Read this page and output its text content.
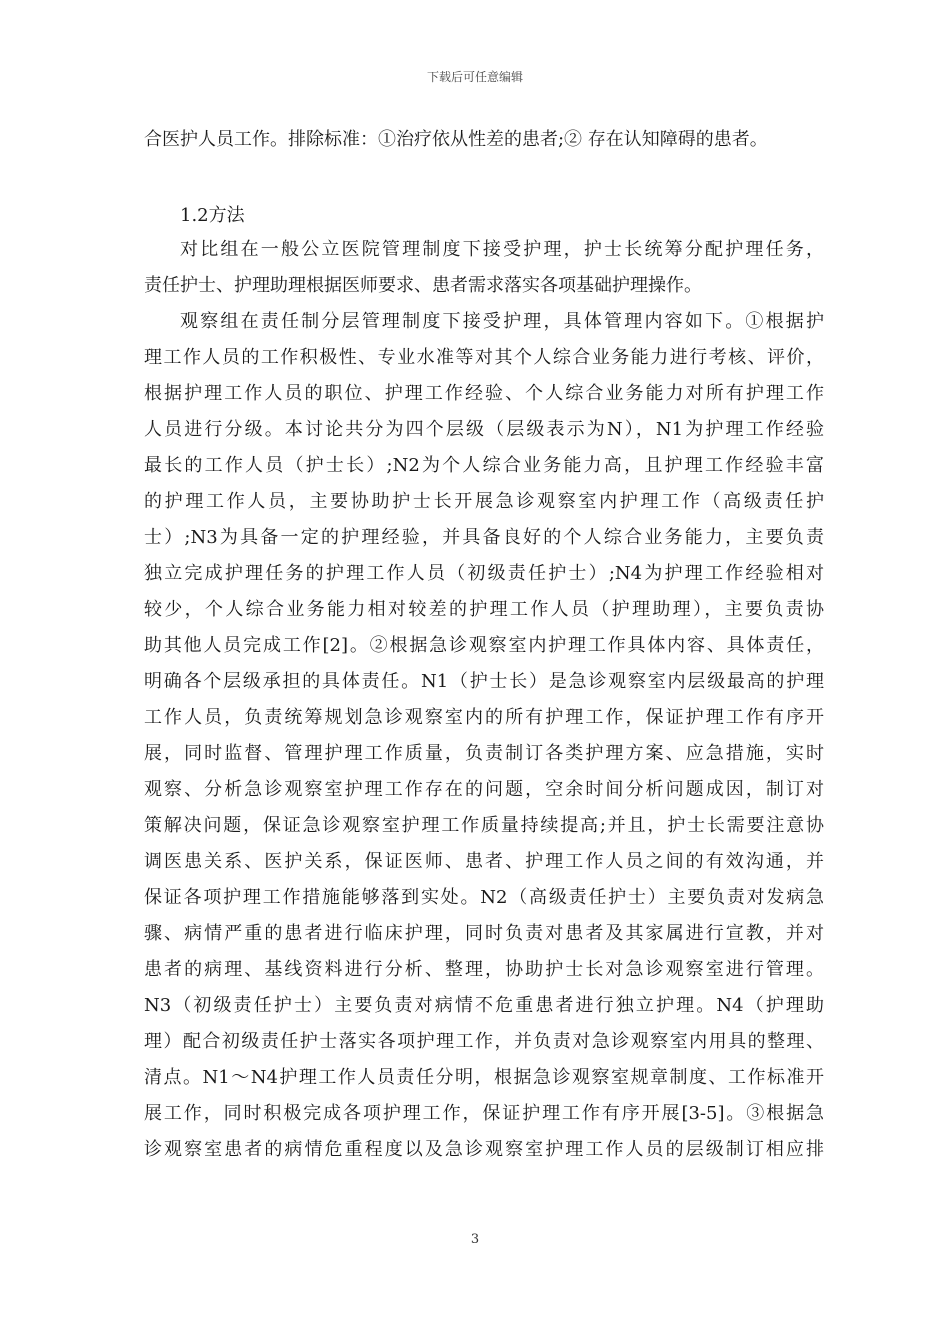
下载后可任意编辑
合医护人员工作。排除标准：①治疗依从性差的患者;② 存在认知障碍的患者。
1.2方法
对比组在一般公立医院管理制度下接受护理，护士长统筹分配护理任务，
责任护士、护理助理根据医师要求、患者需求落实各项基础护理操作。
观察组在责任制分层管理制度下接受护理，具体管理内容如下。①根据护
理工作人员的工作积极性、专业水准等对其个人综合业务能力进行考核、评价，
根据护理工作人员的职位、护理工作经验、个人综合业务能力对所有护理工作
人员进行分级。本讨论共分为四个层级（层级表示为N），N1为护理工作经验
最长的工作人员（护士长）;N2为个人综合业务能力高，且护理工作经验丰富
的护理工作人员，主要协助护士长开展急诊观察室内护理工作（高级责任护
士）;N3为具备一定的护理经验，并具备良好的个人综合业务能力，主要负责
独立完成护理任务的护理工作人员（初级责任护士）;N4为护理工作经验相对
较少，个人综合业务能力相对较差的护理工作人员（护理助理），主要负责协
助其他人员完成工作[2]。②根据急诊观察室内护理工作具体内容、具体责任，
明确各个层级承担的具体责任。N1（护士长）是急诊观察室内层级最高的护理
工作人员，负责统筹规划急诊观察室内的所有护理工作，保证护理工作有序开
展，同时监督、管理护理工作质量，负责制订各类护理方案、应急措施，实时
观察、分析急诊观察室护理工作存在的问题，空余时间分析问题成因，制订对
策解决问题，保证急诊观察室护理工作质量持续提高;并且，护士长需要注意协
调医患关系、医护关系，保证医师、患者、护理工作人员之间的有效沟通，并
保证各项护理工作措施能够落到实处。N2（高级责任护士）主要负责对发病急
骤、病情严重的患者进行临床护理，同时负责对患者及其家属进行宣教，并对
患者的病理、基线资料进行分析、整理，协助护士长对急诊观察室进行管理。
N3（初级责任护士）主要负责对病情不危重患者进行独立护理。N4（护理助
理）配合初级责任护士落实各项护理工作，并负责对急诊观察室内用具的整理、
清点。N1～N4护理工作人员责任分明，根据急诊观察室规章制度、工作标准开
展工作，同时积极完成各项护理工作，保证护理工作有序开展[3-5]。③根据急
诊观察室患者的病情危重程度以及急诊观察室护理工作人员的层级制订相应排
3
